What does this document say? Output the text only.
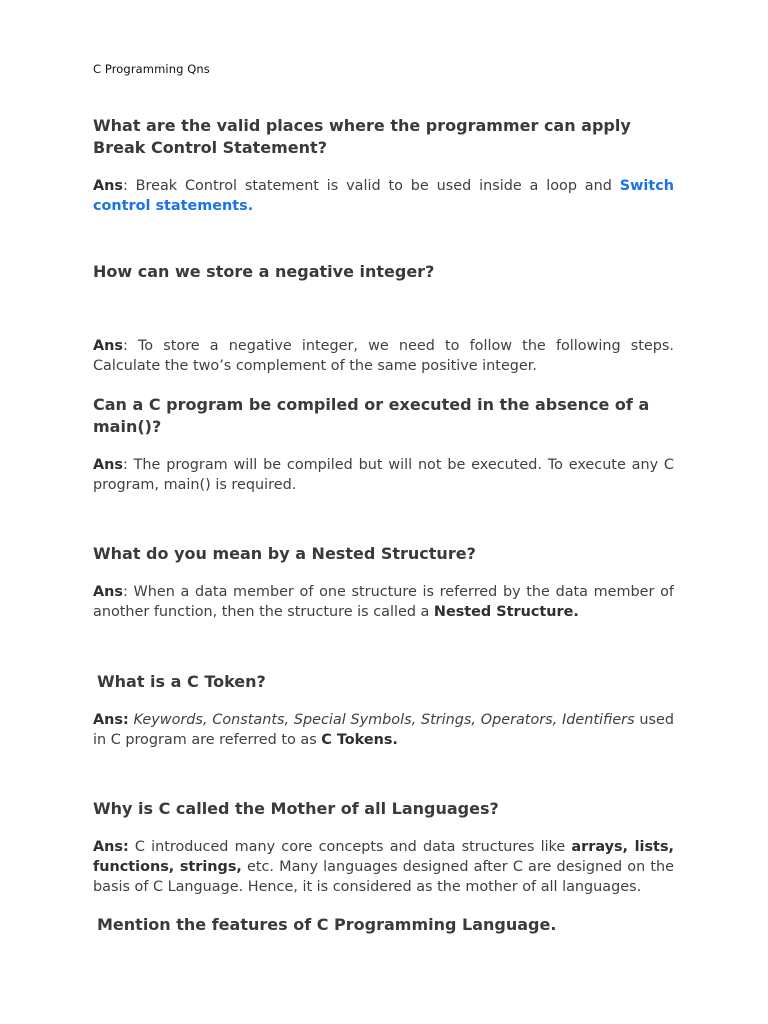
C Programming Qns

What are the valid places where the programmer can apply Break Control Statement?

Ans: Break Control statement is valid to be used inside a loop and Switch control statements.

How can we store a negative integer?

Ans: To store a negative integer, we need to follow the following steps. Calculate the two’s complement of the same positive integer.

Can a C program be compiled or executed in the absence of a main()?

Ans: The program will be compiled but will not be executed. To execute any C program, main() is required.

What do you mean by a Nested Structure?

Ans: When a data member of one structure is referred by the data member of another function, then the structure is called a Nested Structure.

What is a C Token?

Ans: Keywords, Constants, Special Symbols, Strings, Operators, Identifiers used in C program are referred to as C Tokens.

Why is C called the Mother of all Languages?

Ans: C introduced many core concepts and data structures like arrays, lists, functions, strings, etc. Many languages designed after C are designed on the basis of C Language. Hence, it is considered as the mother of all languages.

Mention the features of C Programming Language.
